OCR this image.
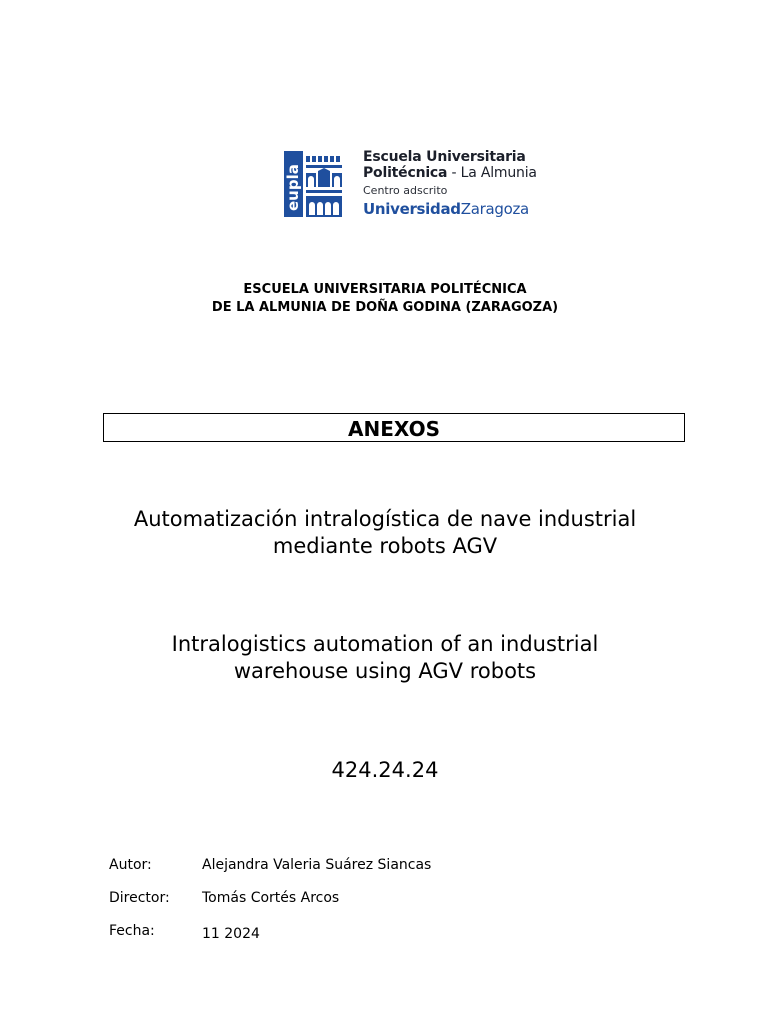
eupla
Escuela Universitaria
Politécnica - La Almunia
Centro adscrito
UniversidadZaragoza
ESCUELA UNIVERSITARIA POLITÉCNICA
DE LA ALMUNIA DE DOÑA GODINA (ZARAGOZA)
ANEXOS
Automatización intralogística de nave industrial
mediante robots AGV
Intralogistics automation of an industrial
warehouse using AGV robots
424.24.24
Autor:	Alejandra Valeria Suárez Siancas
Director: Tomás Cortés Arcos
Fecha:	11 2024
